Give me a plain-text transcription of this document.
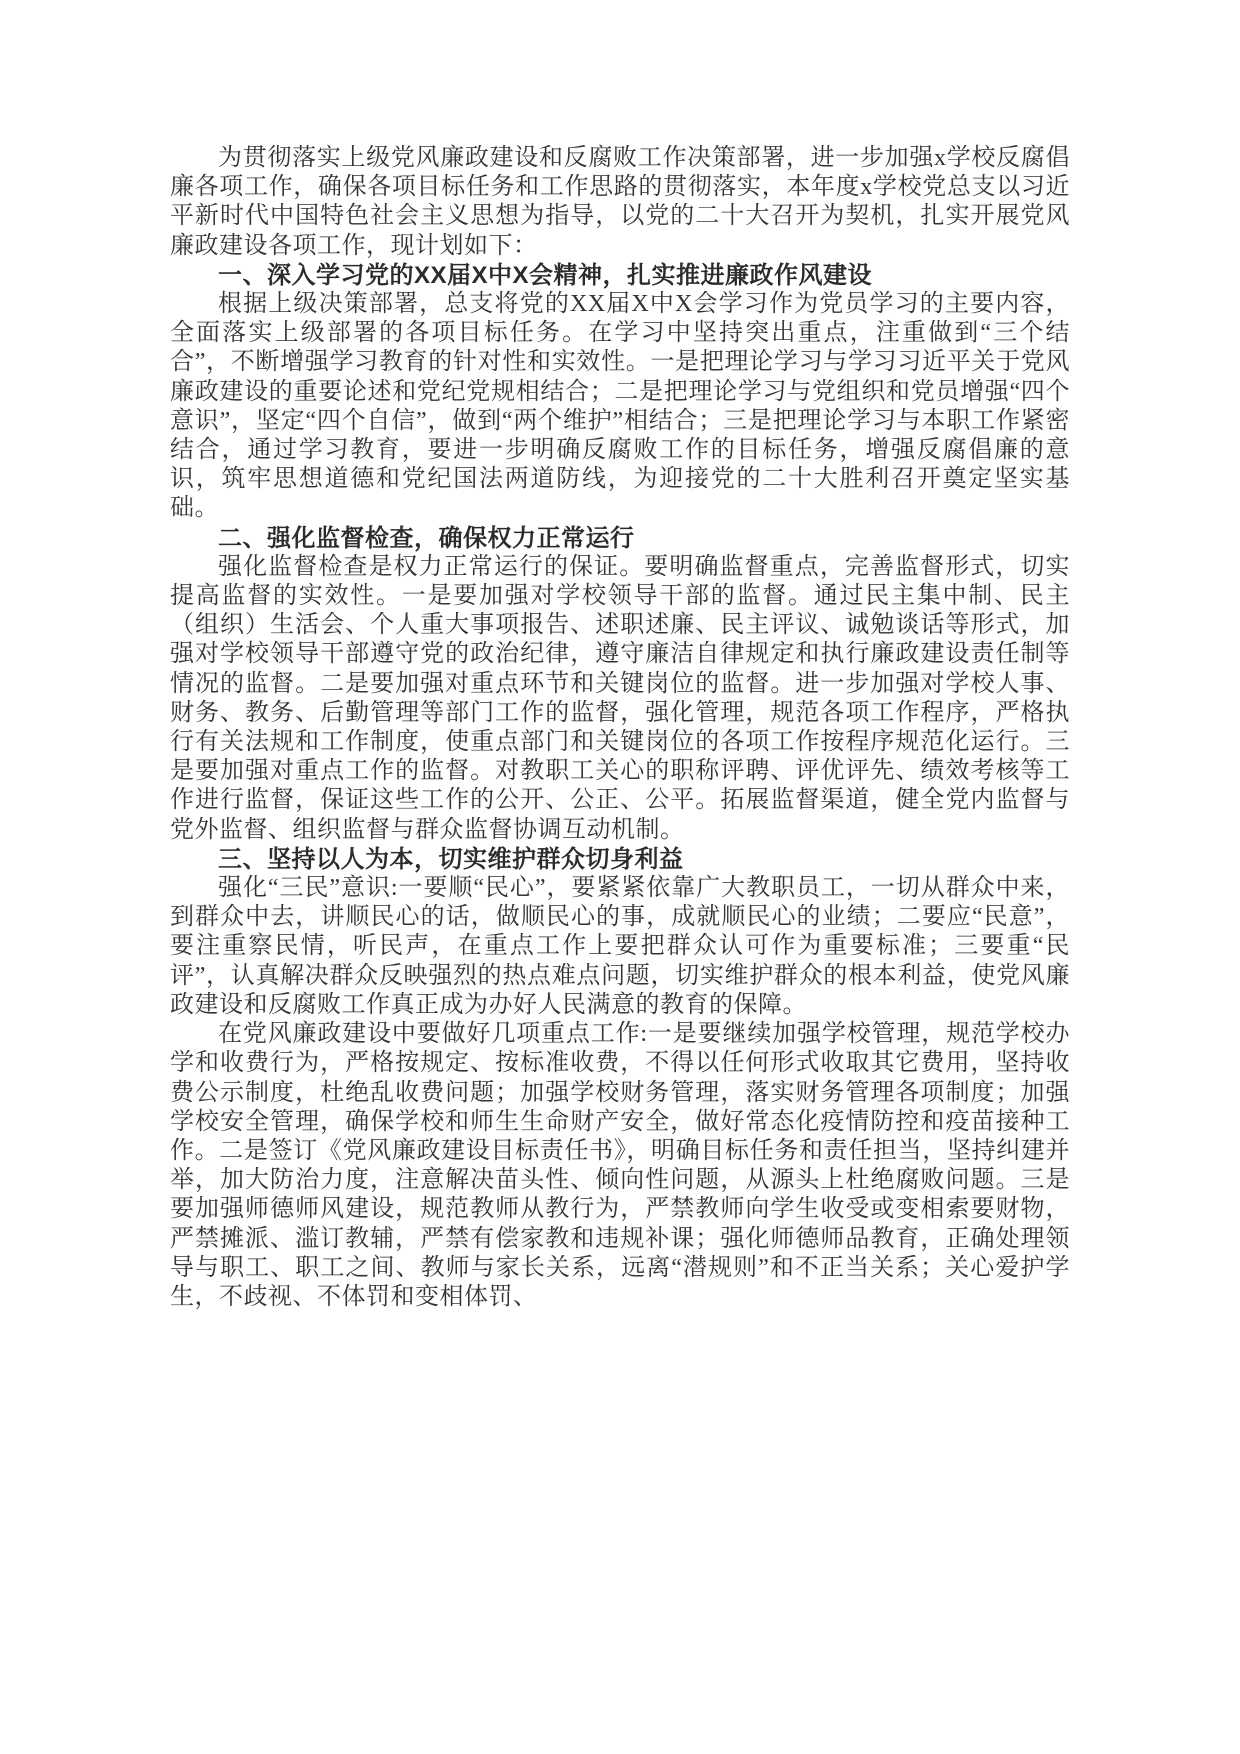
为贯彻落实上级党风廉政建设和反腐败工作决策部署，进一步加强x学校反腐倡廉各项工作，确保各项目标任务和工作思路的贯彻落实，本年度x学校党总支以习近平新时代中国特色社会主义思想为指导，以党的二十大召开为契机，扎实开展党风廉政建设各项工作，现计划如下：

一、深入学习党的XX届X中X会精神，扎实推进廉政作风建设

根据上级决策部署，总支将党的XX届X中X会学习作为党员学习的主要内容，全面落实上级部署的各项目标任务。在学习中坚持突出重点，注重做到“三个结合”，不断增强学习教育的针对性和实效性。一是把理论学习与学习习近平关于党风廉政建设的重要论述和党纪党规相结合；二是把理论学习与党组织和党员增强“四个意识”，坚定“四个自信”，做到“两个维护”相结合；三是把理论学习与本职工作紧密结合，通过学习教育，要进一步明确反腐败工作的目标任务，增强反腐倡廉的意识，筑牢思想道德和党纪国法两道防线，为迎接党的二十大胜利召开奠定坚实基础。

二、强化监督检查，确保权力正常运行

强化监督检查是权力正常运行的保证。要明确监督重点，完善监督形式，切实提高监督的实效性。一是要加强对学校领导干部的监督。通过民主集中制、民主（组织）生活会、个人重大事项报告、述职述廉、民主评议、诚勉谈话等形式，加强对学校领导干部遵守党的政治纪律，遵守廉洁自律规定和执行廉政建设责任制等情况的监督。二是要加强对重点环节和关键岗位的监督。进一步加强对学校人事、财务、教务、后勤管理等部门工作的监督，强化管理，规范各项工作程序，严格执行有关法规和工作制度，使重点部门和关键岗位的各项工作按程序规范化运行。三是要加强对重点工作的监督。对教职工关心的职称评聘、评优评先、绩效考核等工作进行监督，保证这些工作的公开、公正、公平。拓展监督渠道，健全党内监督与党外监督、组织监督与群众监督协调互动机制。

三、坚持以人为本，切实维护群众切身利益

强化“三民”意识:一要顺“民心”，要紧紧依靠广大教职员工，一切从群众中来，到群众中去，讲顺民心的话，做顺民心的事，成就顺民心的业绩；二要应“民意”，要注重察民情，听民声，在重点工作上要把群众认可作为重要标准；三要重“民评”，认真解决群众反映强烈的热点难点问题，切实维护群众的根本利益，使党风廉政建设和反腐败工作真正成为办好人民满意的教育的保障。

在党风廉政建设中要做好几项重点工作:一是要继续加强学校管理，规范学校办学和收费行为，严格按规定、按标准收费，不得以任何形式收取其它费用，坚持收费公示制度，杜绝乱收费问题；加强学校财务管理，落实财务管理各项制度；加强学校安全管理，确保学校和师生生命财产安全，做好常态化疫情防控和疫苗接种工作。二是签订《党风廉政建设目标责任书》，明确目标任务和责任担当，坚持纠建并举，加大防治力度，注意解决苗头性、倾向性问题，从源头上杜绝腐败问题。三是要加强师德师风建设，规范教师从教行为，严禁教师向学生收受或变相索要财物，严禁摊派、滥订教辅，严禁有偿家教和违规补课；强化师德师品教育，正确处理领导与职工、职工之间、教师与家长关系，远离“潜规则”和不正当关系；关心爱护学生，不歧视、不体罚和变相体罚、
